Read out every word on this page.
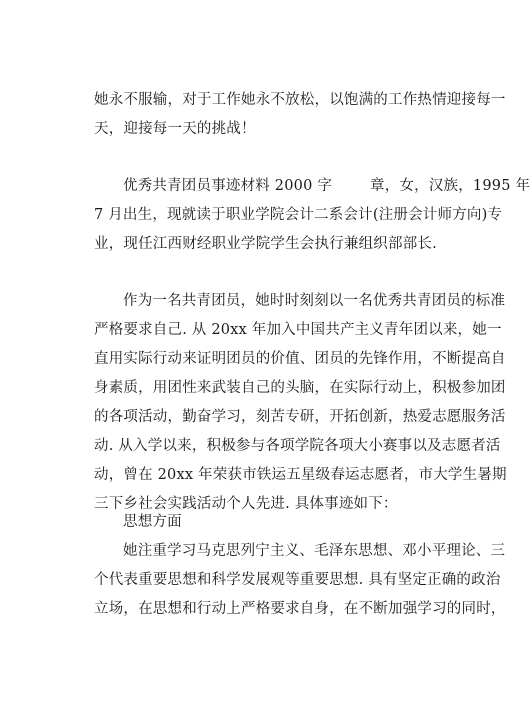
她永不服输，对于工作她永不放松，以饱满的工作热情迎接每一
天，迎接每一天的挑战！
优秀共青团员事迹材料 2000 字	章，女，汉族，1995 年
7 月出生，现就读于职业学院会计二系会计(注册会计师方向)专
业，现任江西财经职业学院学生会执行兼组织部部长.
作为一名共青团员，她时时刻刻以一名优秀共青团员的标准
严格要求自己. 从 20xx 年加入中国共产主义青年团以来，她一
直用实际行动来证明团员的价值、团员的先锋作用，不断提高自
身素质，用团性来武装自己的头脑，在实际行动上，积极参加团
的各项活动，勤奋学习，刻苦专研，开拓创新，热爱志愿服务活
动. 从入学以来，积极参与各项学院各项大小赛事以及志愿者活
动，曾在 20xx 年荣获市铁运五星级春运志愿者，市大学生暑期
三下乡社会实践活动个人先进. 具体事迹如下：
思想方面
她注重学习马克思列宁主义、毛泽东思想、邓小平理论、三
个代表重要思想和科学发展观等重要思想. 具有坚定正确的政治
立场，在思想和行动上严格要求自身，在不断加强学习的同时，
